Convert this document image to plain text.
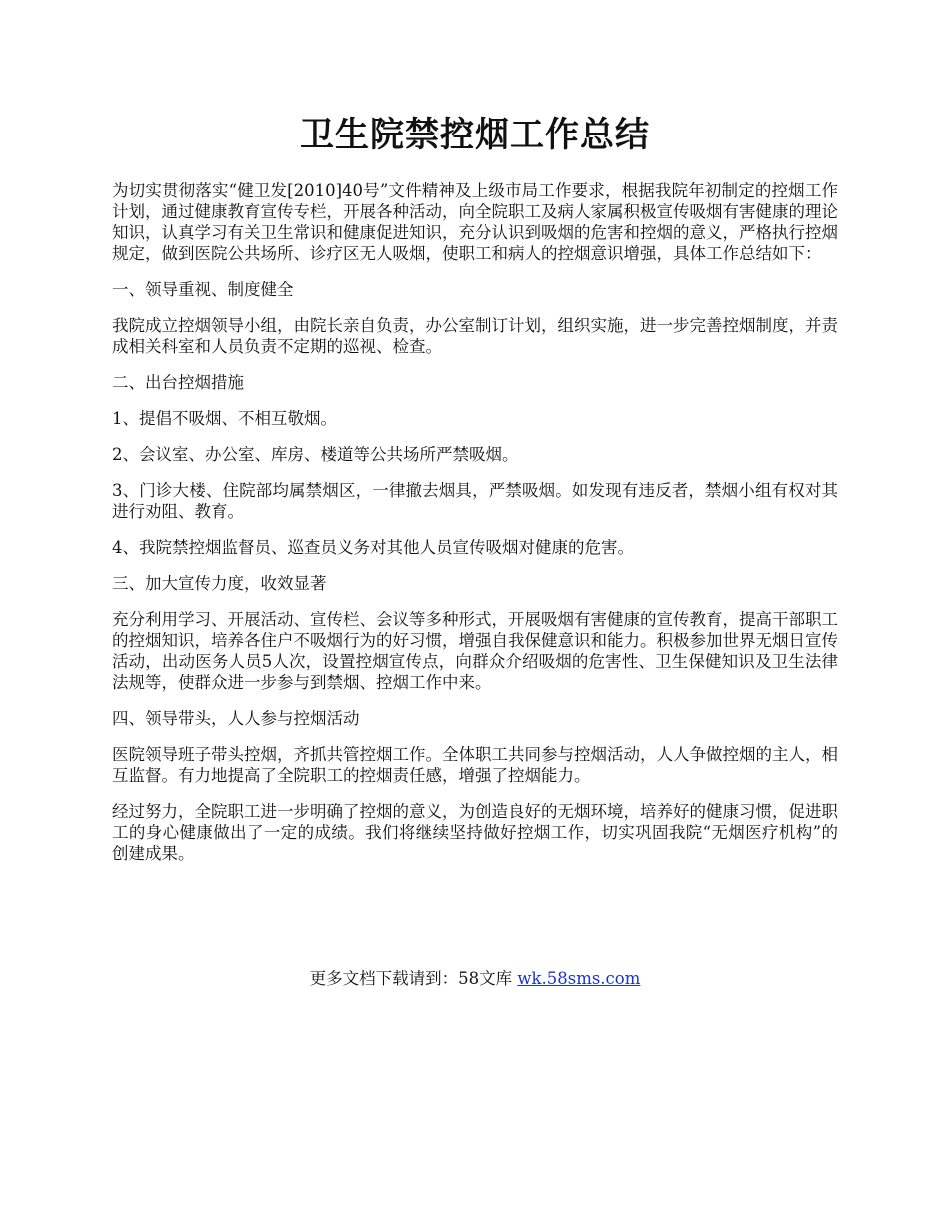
卫生院禁控烟工作总结

为切实贯彻落实“健卫发[2010]40号”文件精神及上级市局工作要求，根据我院年初制定的控烟工作计划，通过健康教育宣传专栏，开展各种活动，向全院职工及病人家属积极宣传吸烟有害健康的理论知识，认真学习有关卫生常识和健康促进知识，充分认识到吸烟的危害和控烟的意义，严格执行控烟规定，做到医院公共场所、诊疗区无人吸烟，使职工和病人的控烟意识增强，具体工作总结如下：

一、领导重视、制度健全

我院成立控烟领导小组，由院长亲自负责，办公室制订计划，组织实施，进一步完善控烟制度，并责成相关科室和人员负责不定期的巡视、检查。

二、出台控烟措施

1、提倡不吸烟、不相互敬烟。

2、会议室、办公室、库房、楼道等公共场所严禁吸烟。

3、门诊大楼、住院部均属禁烟区，一律撤去烟具，严禁吸烟。如发现有违反者，禁烟小组有权对其进行劝阻、教育。

4、我院禁控烟监督员、巡查员义务对其他人员宣传吸烟对健康的危害。

三、加大宣传力度，收效显著

充分利用学习、开展活动、宣传栏、会议等多种形式，开展吸烟有害健康的宣传教育，提高干部职工的控烟知识，培养各住户不吸烟行为的好习惯，增强自我保健意识和能力。积极参加世界无烟日宣传活动，出动医务人员5人次，设置控烟宣传点，向群众介绍吸烟的危害性、卫生保健知识及卫生法律法规等，使群众进一步参与到禁烟、控烟工作中来。

四、领导带头，人人参与控烟活动

医院领导班子带头控烟，齐抓共管控烟工作。全体职工共同参与控烟活动，人人争做控烟的主人，相互监督。有力地提高了全院职工的控烟责任感，增强了控烟能力。

经过努力，全院职工进一步明确了控烟的意义，为创造良好的无烟环境，培养好的健康习惯，促进职工的身心健康做出了一定的成绩。我们将继续坚持做好控烟工作，切实巩固我院“无烟医疗机构”的创建成果。

更多文档下载请到：58文库 wk.58sms.com
